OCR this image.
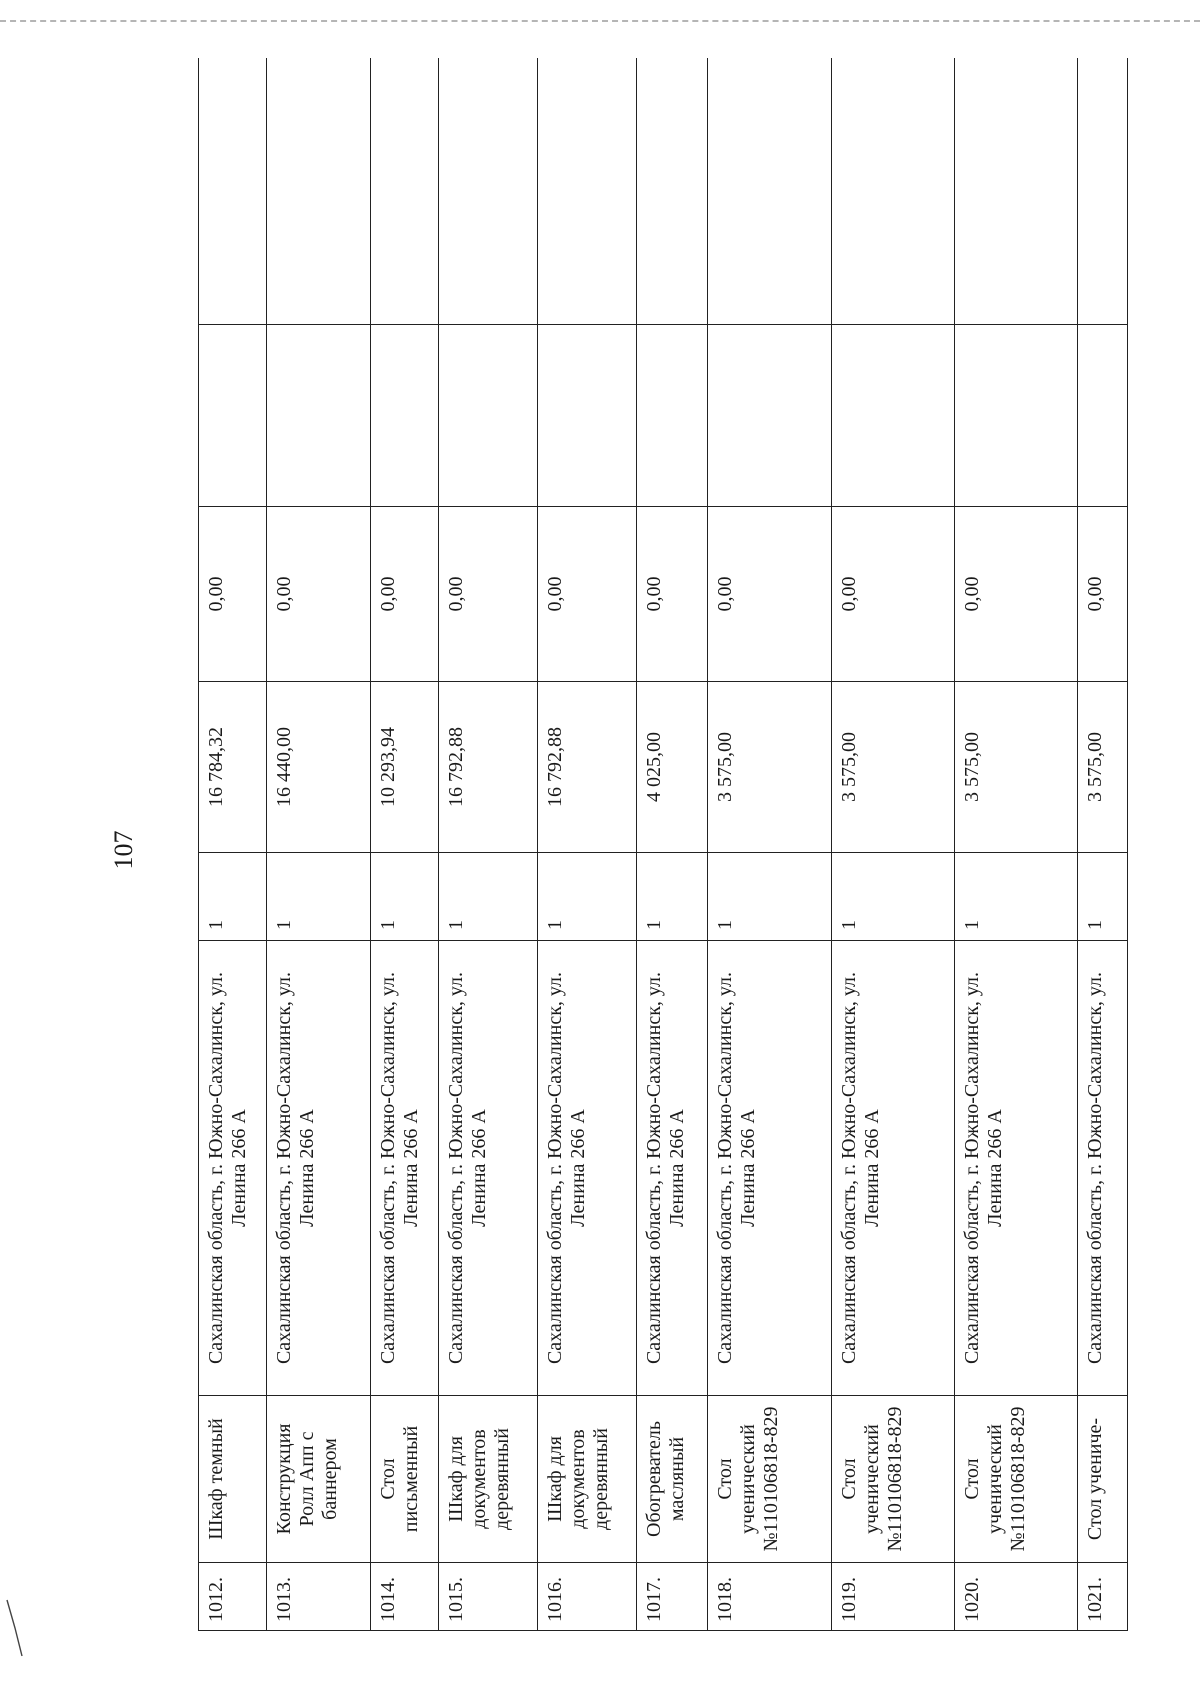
107
1012.	Шкаф темный	Сахалинская область, г. Южно-Сахалинск, ул. Ленина 266 А	1	16 784,32	0,00		
1013.	Конструкция Ролл Апп с баннером	Сахалинская область, г. Южно-Сахалинск, ул. Ленина 266 А	1	16 440,00	0,00		
1014.	Стол письменный	Сахалинская область, г. Южно-Сахалинск, ул. Ленина 266 А	1	10 293,94	0,00		
1015.	Шкаф для документов деревянный	Сахалинская область, г. Южно-Сахалинск, ул. Ленина 266 А	1	16 792,88	0,00		
1016.	Шкаф для документов деревянный	Сахалинская область, г. Южно-Сахалинск, ул. Ленина 266 А	1	16 792,88	0,00		
1017.	Обогреватель масляный	Сахалинская область, г. Южно-Сахалинск, ул. Ленина 266 А	1	4 025,00	0,00		
1018.	Стол ученический №110106818-829	Сахалинская область, г. Южно-Сахалинск, ул. Ленина 266 А	1	3 575,00	0,00		
1019.	Стол ученический №110106818-829	Сахалинская область, г. Южно-Сахалинск, ул. Ленина 266 А	1	3 575,00	0,00		
1020.	Стол ученический №110106818-829	Сахалинская область, г. Южно-Сахалинск, ул. Ленина 266 А	1	3 575,00	0,00		
1021.	Стол учениче-	Сахалинская область, г. Южно-Сахалинск, ул.	1	3 575,00	0,00		
